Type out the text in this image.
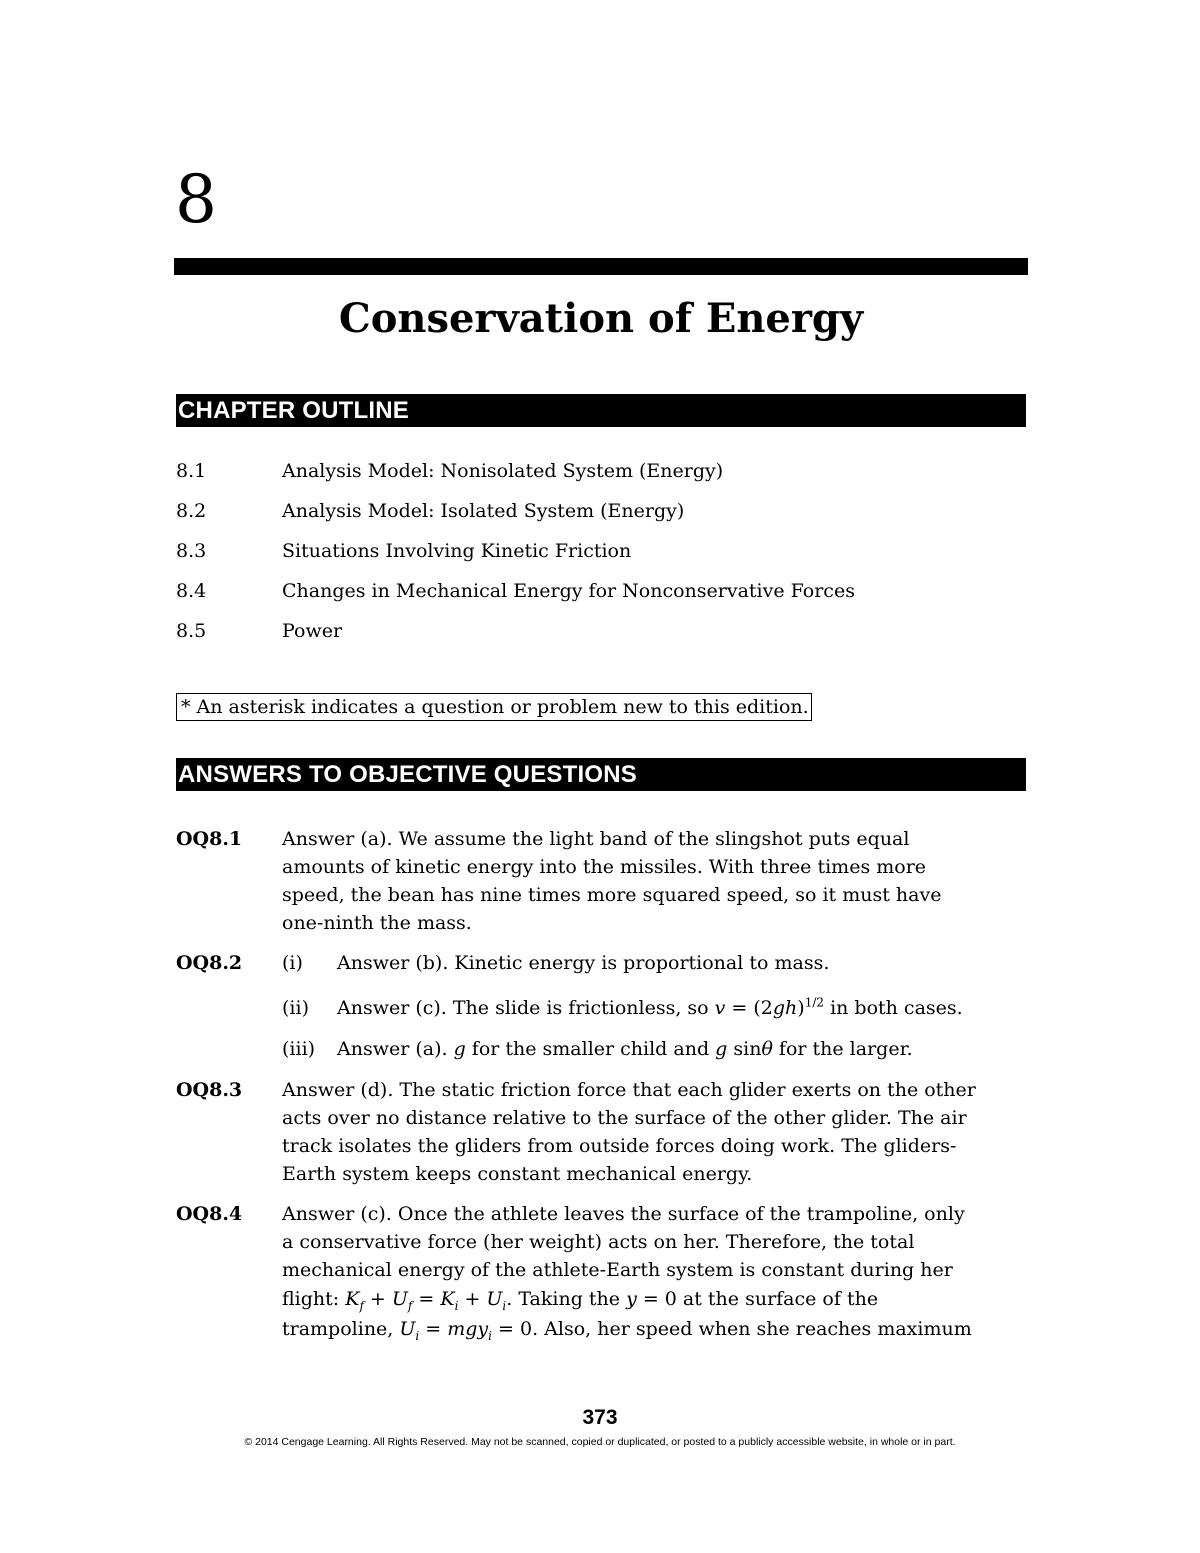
8
Conservation of Energy
CHAPTER OUTLINE
8.1	Analysis Model: Nonisolated System (Energy)
8.2	Analysis Model: Isolated System (Energy)
8.3	Situations Involving Kinetic Friction
8.4	Changes in Mechanical Energy for Nonconservative Forces
8.5	Power
* An asterisk indicates a question or problem new to this edition.
ANSWERS TO OBJECTIVE QUESTIONS
OQ8.1 Answer (a). We assume the light band of the slingshot puts equal
amounts of kinetic energy into the missiles. With three times more
speed, the bean has nine times more squared speed, so it must have
one-ninth the mass.
OQ8.2 (i) Answer (b). Kinetic energy is proportional to mass.
(ii) Answer (c). The slide is frictionless, so $v = (2gh)^{1/2}$ in both cases.
(iii) Answer (a). g for the smaller child and g sinθ for the larger.
OQ8.3 Answer (d). The static friction force that each glider exerts on the other
acts over no distance relative to the surface of the other glider. The air
track isolates the gliders from outside forces doing work. The gliders-
Earth system keeps constant mechanical energy.
OQ8.4 Answer (c). Once the athlete leaves the surface of the trampoline, only
a conservative force (her weight) acts on her. Therefore, the total
mechanical energy of the athlete-Earth system is constant during her
flight: $K_f + U_f = K_i + U_i$. Taking the y = 0 at the surface of the
trampoline, $U_i = mgy_i = 0$. Also, her speed when she reaches maximum
373
© 2014 Cengage Learning. All Rights Reserved. May not be scanned, copied or duplicated, or posted to a publicly accessible website, in whole or in part.
